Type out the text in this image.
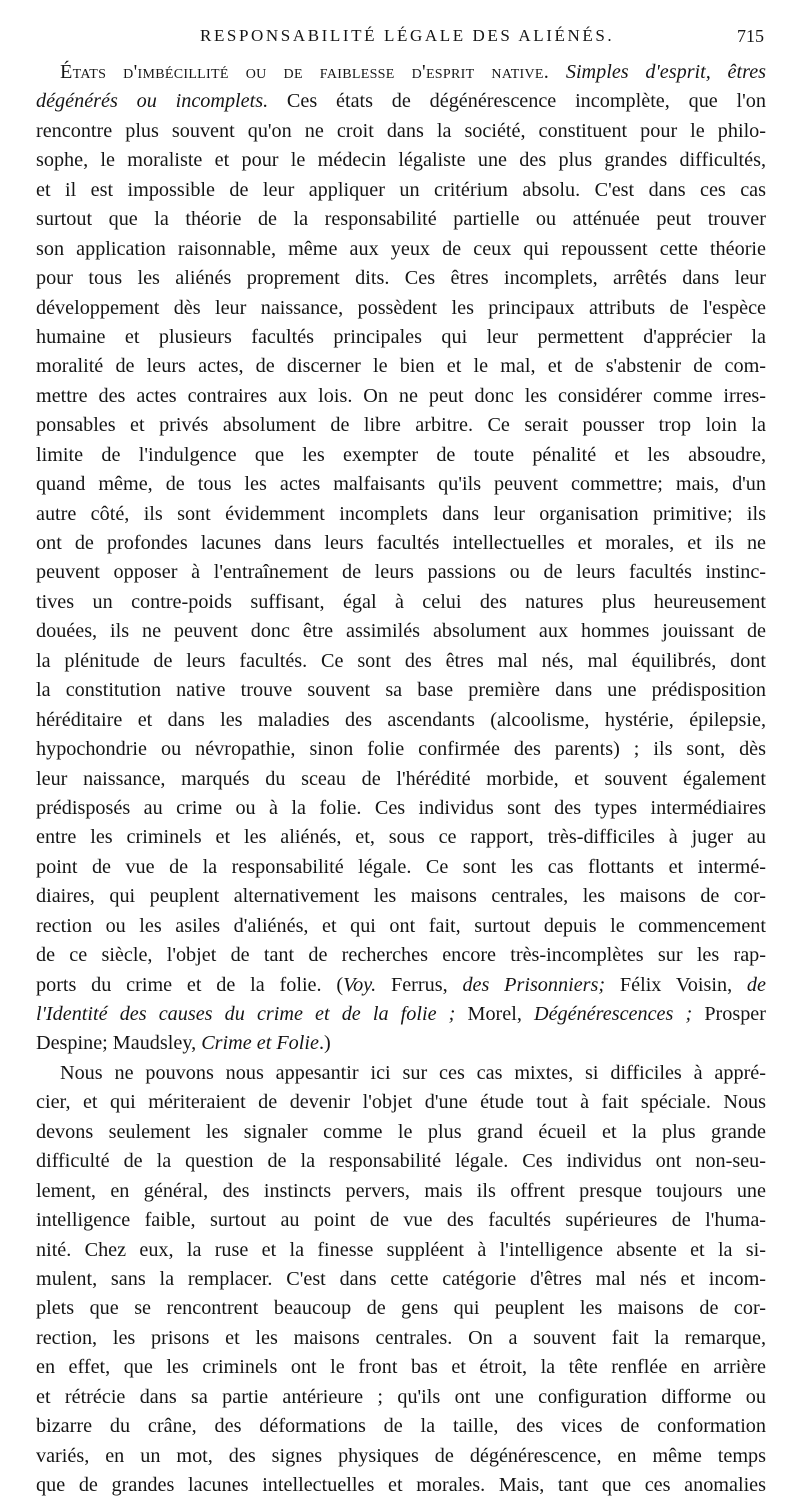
RESPONSABILITÉ LÉGALE DES ALIÉNÉS.	715
États d'imbécillité ou de faiblesse d'esprit native. Simples d'esprit, êtres
dégénérés ou incomplets. Ces états de dégénérescence incomplète, que l'on
rencontre plus souvent qu'on ne croit dans la société, constituent pour le philo-
sophe, le moraliste et pour le médecin légaliste une des plus grandes difficultés,
et il est impossible de leur appliquer un critérium absolu. C'est dans ces cas
surtout que la théorie de la responsabilité partielle ou atténuée peut trouver
son application raisonnable, même aux yeux de ceux qui repoussent cette théorie
pour tous les aliénés proprement dits. Ces êtres incomplets, arrêtés dans leur
développement dès leur naissance, possèdent les principaux attributs de l'espèce
humaine et plusieurs facultés principales qui leur permettent d'apprécier la
moralité de leurs actes, de discerner le bien et le mal, et de s'abstenir de com-
mettre des actes contraires aux lois. On ne peut donc les considérer comme irres-
ponsables et privés absolument de libre arbitre. Ce serait pousser trop loin la
limite de l'indulgence que les exempter de toute pénalité et les absoudre,
quand même, de tous les actes malfaisants qu'ils peuvent commettre; mais, d'un
autre côté, ils sont évidemment incomplets dans leur organisation primitive; ils
ont de profondes lacunes dans leurs facultés intellectuelles et morales, et ils ne
peuvent opposer à l'entraînement de leurs passions ou de leurs facultés instinc-
tives un contre-poids suffisant, égal à celui des natures plus heureusement
douées, ils ne peuvent donc être assimilés absolument aux hommes jouissant de
la plénitude de leurs facultés. Ce sont des êtres mal nés, mal équilibrés, dont
la constitution native trouve souvent sa base première dans une prédisposition
héréditaire et dans les maladies des ascendants (alcoolisme, hystérie, épilepsie,
hypochondrie ou névropathie, sinon folie confirmée des parents) ; ils sont, dès
leur naissance, marqués du sceau de l'hérédité morbide, et souvent également
prédisposés au crime ou à la folie. Ces individus sont des types intermédiaires
entre les criminels et les aliénés, et, sous ce rapport, très-difficiles à juger au
point de vue de la responsabilité légale. Ce sont les cas flottants et intermé-
diaires, qui peuplent alternativement les maisons centrales, les maisons de cor-
rection ou les asiles d'aliénés, et qui ont fait, surtout depuis le commencement
de ce siècle, l'objet de tant de recherches encore très-incomplètes sur les rap-
ports du crime et de la folie. (Voy. Ferrus, des Prisonniers; Félix Voisin, de
l'Identité des causes du crime et de la folie ; Morel, Dégénérescences ; Prosper
Despine; Maudsley, Crime et Folie.)
Nous ne pouvons nous appesantir ici sur ces cas mixtes, si difficiles à appré-
cier, et qui mériteraient de devenir l'objet d'une étude tout à fait spéciale. Nous
devons seulement les signaler comme le plus grand écueil et la plus grande
difficulté de la question de la responsabilité légale. Ces individus ont non-seu-
lement, en général, des instincts pervers, mais ils offrent presque toujours une
intelligence faible, surtout au point de vue des facultés supérieures de l'huma-
nité. Chez eux, la ruse et la finesse suppléent à l'intelligence absente et la si-
mulent, sans la remplacer. C'est dans cette catégorie d'êtres mal nés et incom-
plets que se rencontrent beaucoup de gens qui peuplent les maisons de cor-
rection, les prisons et les maisons centrales. On a souvent fait la remarque,
en effet, que les criminels ont le front bas et étroit, la tête renflée en arrière
et rétrécie dans sa partie antérieure ; qu'ils ont une configuration difforme ou
bizarre du crâne, des déformations de la taille, des vices de conformation
variés, en un mot, des signes physiques de dégénérescence, en même temps
que de grandes lacunes intellectuelles et morales. Mais, tant que ces anomalies
